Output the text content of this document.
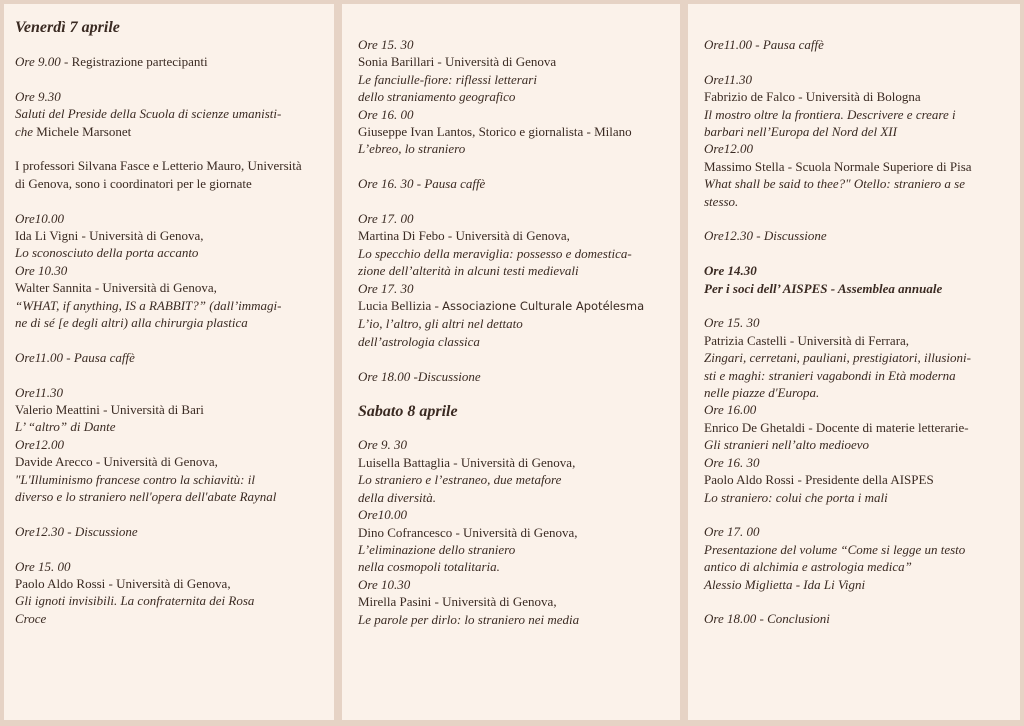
Venerdì 7 aprile
Ore 9.00 - Registrazione partecipanti
Ore 9.30
Saluti del Preside della Scuola di scienze umanisti-
che Michele Marsonet
I professori Silvana Fasce e Letterio Mauro, Università
di Genova, sono i coordinatori per le giornate
Ore10.00
Ida Li Vigni - Università di Genova,
Lo sconosciuto della porta accanto
Ore 10.30
Walter Sannita - Università di Genova,
“WHAT, if anything, IS a RABBIT?” (dall’immagi-
ne di sé [e degli altri) alla chirurgia plastica
Ore11.00 - Pausa caffè
Ore11.30
Valerio Meattini - Università di Bari
L’ “altro” di Dante
Ore12.00
Davide Arecco - Università di Genova,
"L'Illuminismo francese contro la schiavitù: il
diverso e lo straniero nell'opera dell'abate Raynal
Ore12.30 - Discussione
Ore 15. 00
Paolo Aldo Rossi - Università di Genova,
Gli ignoti invisibili. La confraternita dei Rosa
Croce
Ore 15. 30
Sonia Barillari - Università di Genova
Le fanciulle-fiore: riflessi letterari
dello straniamento geografico
Ore 16. 00
Giuseppe Ivan Lantos, Storico e giornalista - Milano
L’ebreo, lo straniero
Ore 16. 30 - Pausa caffè
Ore 17. 00
Martina Di Febo - Università di Genova,
Lo specchio della meraviglia: possesso e domestica-
zione dell’alterità in alcuni testi medievali
Ore 17. 30
Lucia Bellizia - Associazione Culturale Apotélesma
L’io, l’altro, gli altri nel dettato
dell’astrologia classica
Ore 18.00 -Discussione
Sabato 8 aprile
Ore 9. 30
Luisella Battaglia - Università di Genova,
Lo straniero e l’estraneo, due metafore
della diversità.
Ore10.00
Dino Cofrancesco - Università di Genova,
L’eliminazione dello straniero
nella cosmopoli totalitaria.
Ore 10.30
Mirella Pasini - Università di Genova,
Le parole per dirlo: lo straniero nei media
Ore11.00 - Pausa caffè
Ore11.30
Fabrizio de Falco - Università di Bologna
Il mostro oltre la frontiera. Descrivere e creare i
barbari nell’Europa del Nord del XII
Ore12.00
Massimo Stella - Scuola Normale Superiore di Pisa
What shall be said to thee?" Otello: straniero a se
stesso.
Ore12.30 - Discussione
Ore 14.30
Per i soci dell’ AISPES - Assemblea annuale
Ore 15. 30
Patrizia Castelli - Università di Ferrara,
Zingari, cerretani, pauliani, prestigiatori, illusioni-
sti e maghi: stranieri vagabondi in Età moderna
nelle piazze d'Europa.
Ore 16.00
Enrico De Ghetaldi - Docente di materie letterarie-
Gli stranieri nell’alto medioevo
Ore 16. 30
Paolo Aldo Rossi - Presidente della AISPES
Lo straniero: colui che porta i mali
Ore 17. 00
Presentazione del volume “Come si legge un testo
antico di alchimia e astrologia medica”
Alessio Miglietta - Ida Li Vigni
Ore 18.00 - Conclusioni
